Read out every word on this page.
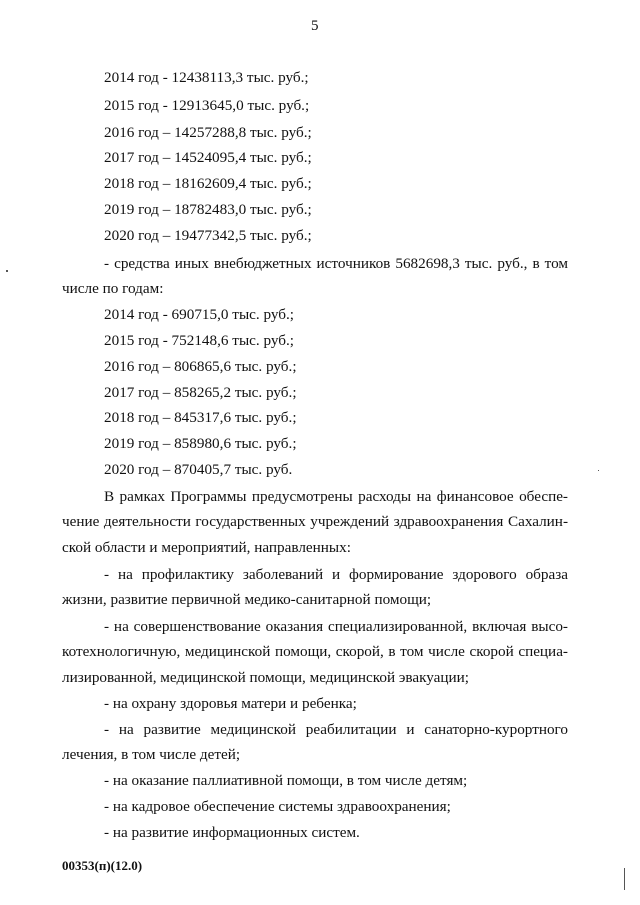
5
2014 год - 12438113,3 тыс. руб.;
2015 год - 12913645,0 тыс. руб.;
2016 год – 14257288,8 тыс. руб.;
2017 год – 14524095,4 тыс. руб.;
2018 год – 18162609,4 тыс. руб.;
2019 год – 18782483,0 тыс. руб.;
2020 год – 19477342,5 тыс. руб.;
- средства иных внебюджетных источников 5682698,3 тыс. руб., в том
числе по годам:
2014 год - 690715,0 тыс. руб.;
2015 год - 752148,6 тыс. руб.;
2016 год – 806865,6 тыс. руб.;
2017 год – 858265,2 тыс. руб.;
2018 год – 845317,6 тыс. руб.;
2019 год – 858980,6 тыс. руб.;
2020 год – 870405,7 тыс. руб.
В рамках Программы предусмотрены расходы на финансовое обеспе-
чение деятельности государственных учреждений здравоохранения Сахалин-
ской области и мероприятий, направленных:
- на профилактику заболеваний и формирование здорового образа
жизни, развитие первичной медико-санитарной помощи;
- на совершенствование оказания специализированной, включая высо-
котехнологичную, медицинской помощи, скорой, в том числе скорой специа-
лизированной, медицинской помощи, медицинской эвакуации;
- на охрану здоровья матери и ребенка;
- на развитие медицинской реабилитации и санаторно-курортного
лечения, в том числе детей;
- на оказание паллиативной помощи, в том числе детям;
- на кадровое обеспечение системы здравоохранения;
- на развитие информационных систем.
00353(п)(12.0)
